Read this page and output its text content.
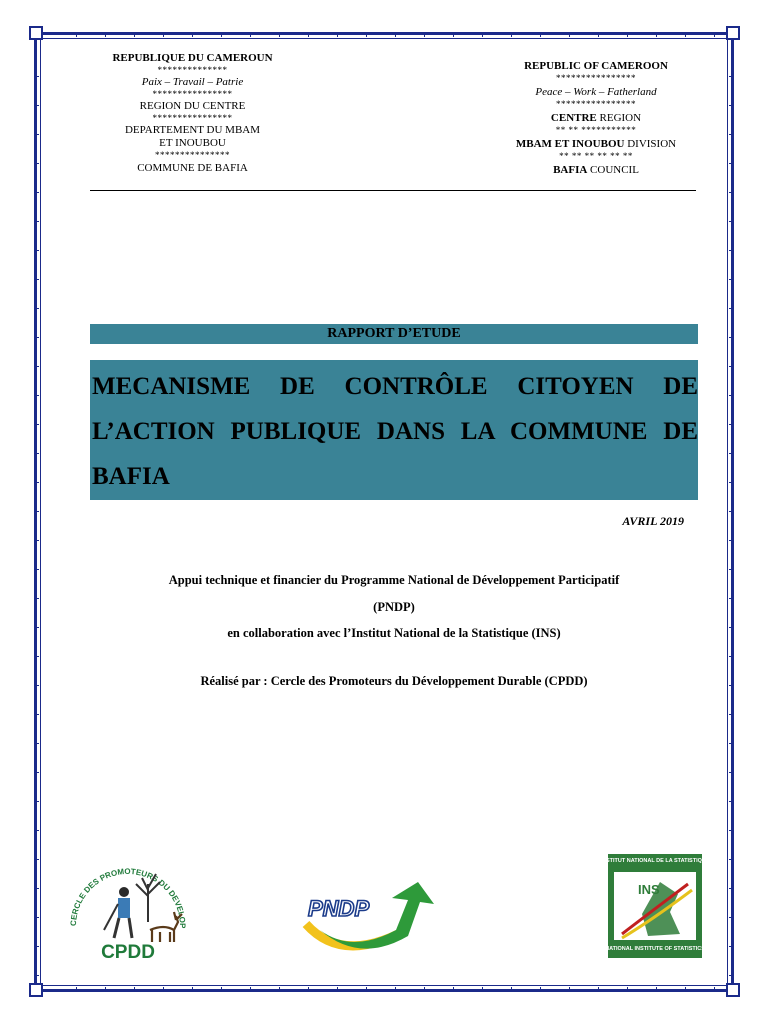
REPUBLIQUE DU CAMEROUN
**************
Paix – Travail – Patrie
****************
REGION DU CENTRE
****************
DEPARTEMENT DU MBAM ET INOUBOU
***************
COMMUNE DE BAFIA
REPUBLIC OF CAMEROON
****************
Peace – Work – Fatherland
****************
CENTRE REGION
** ** ***********
MBAM ET INOUBOU DIVISION
** ** ** ** ** **
BAFIA COUNCIL
RAPPORT D’ETUDE
MECANISME DE CONTRÔLE CITOYEN DE L’ACTION PUBLIQUE DANS LA COMMUNE DE BAFIA
AVRIL 2019
Appui technique et financier du Programme National de Développement Participatif
(PNDP)
en collaboration avec l’Institut National de la Statistique (INS)
Réalisé par : Cercle des Promoteurs du Développement Durable (CPDD)
CERCLE DES PROMOTEURS DU DEVELOP
CPDD
PNDP
INSTITUT NATIONAL DE LA STATISTIQUE
INS
NATIONAL INSTITUTE OF STATISTICS
